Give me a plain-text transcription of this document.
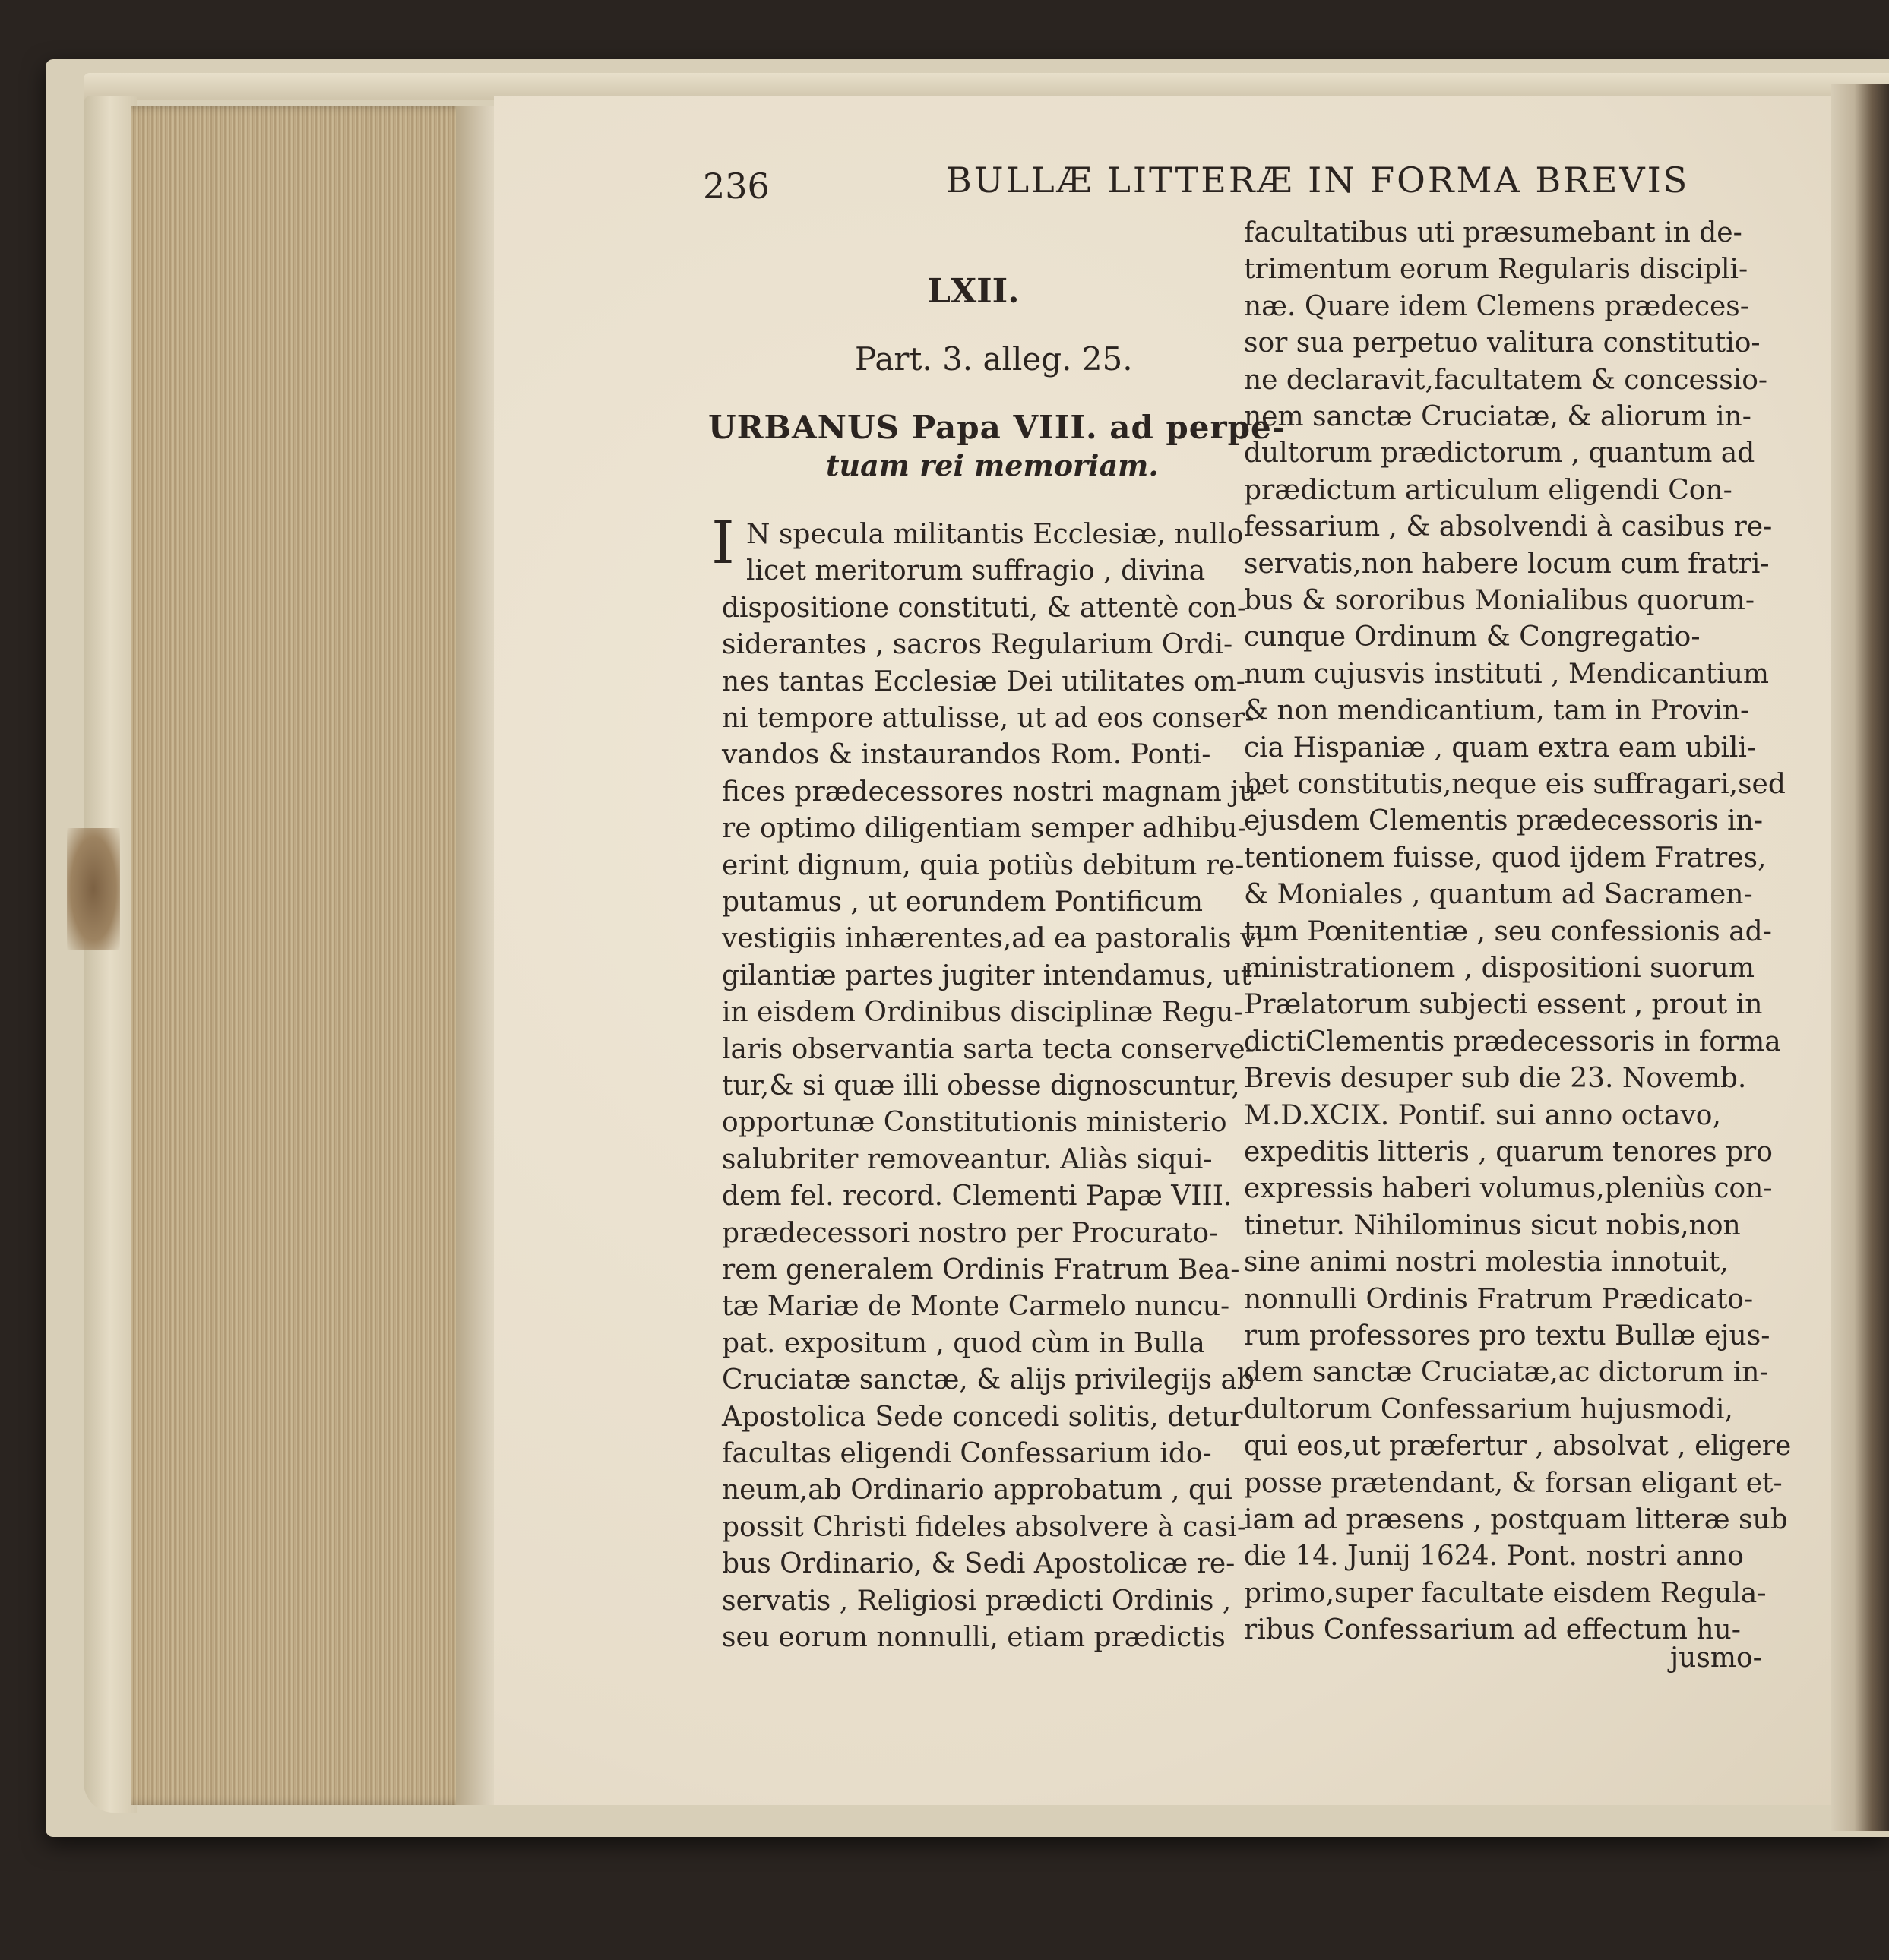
236	BULLÆ LITTERÆ IN FORMA BREVIS
LXII.
Part. 3. alleg. 25.
URBANUS Papa VIII. ad perpe-
tuam rei memoriam.
I N specula militantis Ecclesiæ, nullo
licet meritorum suffragio , divina
dispositione constituti, & attentè con-
siderantes , sacros Regularium Ordi-
nes tantas Ecclesiæ Dei utilitates om-
ni tempore attulisse, ut ad eos conser-
vandos & instaurandos Rom. Ponti-
fices prædecessores nostri magnam ju-
re optimo diligentiam semper adhibu-
erint dignum, quia potiùs debitum re-
putamus , ut eorundem Pontificum
vestigiis inhærentes,ad ea pastoralis vi-
gilantiæ partes jugiter intendamus, ut
in eisdem Ordinibus disciplinæ Regu-
laris observantia sarta tecta conserve-
tur,& si quæ illi obesse dignoscuntur,
opportunæ Constitutionis ministerio
salubriter removeantur. Aliàs siqui-
dem fel. record. Clementi Papæ VIII.
prædecessori nostro per Procurato-
rem generalem Ordinis Fratrum Bea-
tæ Mariæ de Monte Carmelo nuncu-
pat. expositum , quod cùm in Bulla
Cruciatæ sanctæ, & alijs privilegijs ab
Apostolica Sede concedi solitis, detur
facultas eligendi Confessarium ido-
neum,ab Ordinario approbatum , qui
possit Christi fideles absolvere à casi-
bus Ordinario, & Sedi Apostolicæ re-
servatis , Religiosi prædicti Ordinis ,
seu eorum nonnulli, etiam prædictis
facultatibus uti præsumebant in de-
trimentum eorum Regularis discipli-
næ. Quare idem Clemens prædeces-
sor sua perpetuo valitura constitutio-
ne declaravit,facultatem & concessio-
nem sanctæ Cruciatæ, & aliorum in-
dultorum prædictorum , quantum ad
prædictum articulum eligendi Con-
fessarium , & absolvendi à casibus re-
servatis,non habere locum cum fratri-
bus & sororibus Monialibus quorum-
cunque Ordinum & Congregatio-
num cujusvis instituti , Mendicantium
& non mendicantium, tam in Provin-
cia Hispaniæ , quam extra eam ubili-
bet constitutis,neque eis suffragari,sed
ejusdem Clementis prædecessoris in-
tentionem fuisse, quod ijdem Fratres,
& Moniales , quantum ad Sacramen-
tum Pœnitentiæ , seu confessionis ad-
ministrationem , dispositioni suorum
Prælatorum subjecti essent , prout in
dictiClementis prædecessoris in forma
Brevis desuper sub die 23. Novemb.
M.D.XCIX. Pontif. sui anno octavo,
expeditis litteris , quarum tenores pro
expressis haberi volumus,pleniùs con-
tinetur. Nihilominus sicut nobis,non
sine animi nostri molestia innotuit,
nonnulli Ordinis Fratrum Prædicato-
rum professores pro textu Bullæ ejus-
dem sanctæ Cruciatæ,ac dictorum in-
dultorum Confessarium hujusmodi,
qui eos,ut præfertur , absolvat , eligere
posse prætendant, & forsan eligant et-
iam ad præsens , postquam litteræ sub
die 14. Junij 1624. Pont. nostri anno
primo,super facultate eisdem Regula-
ribus Confessarium ad effectum hu-
jusmo-
